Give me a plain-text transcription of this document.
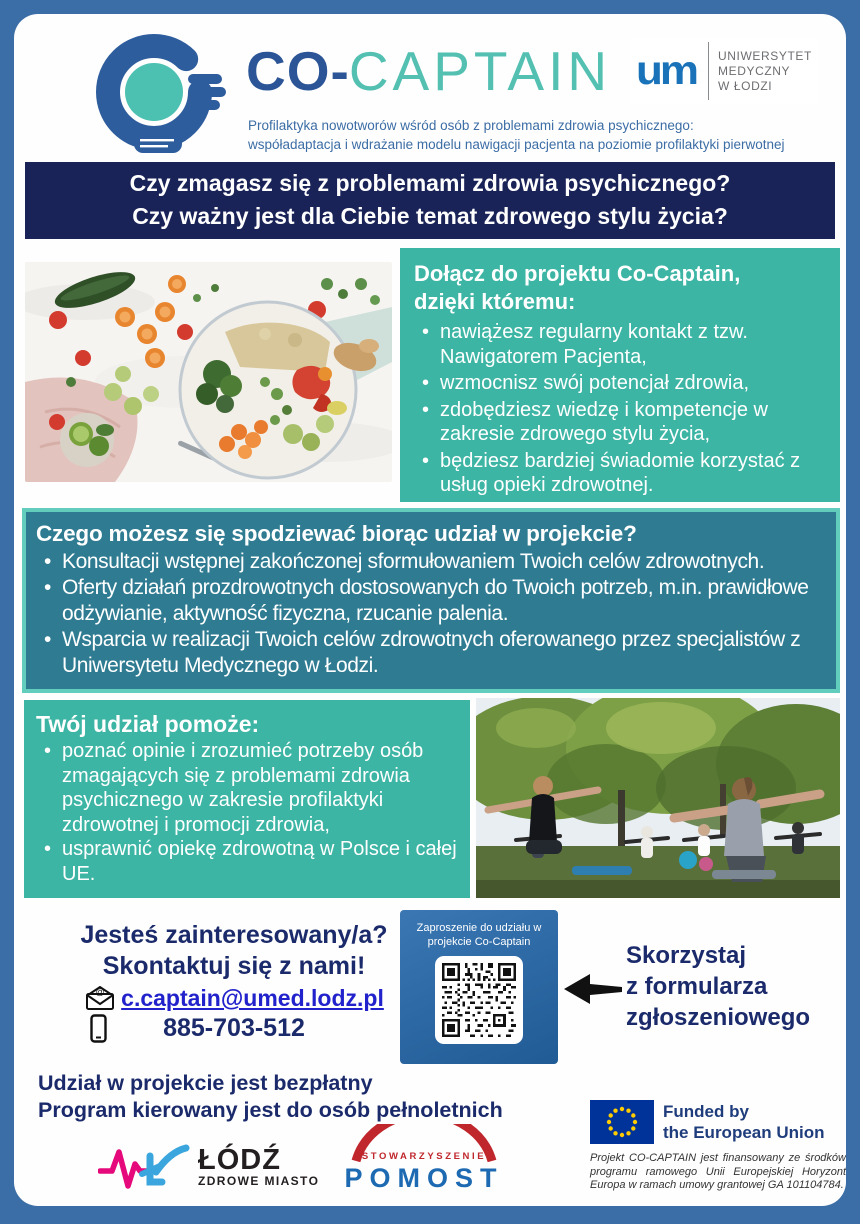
CO-CAPTAIN
Profilaktyka nowotworów wśród osób z problemami zdrowia psychicznego:
współadaptacja i wdrażanie modelu nawigacji pacjenta na poziomie profilaktyki pierwotnej
um UNIWERSYTET
MEDYCZNY
W ŁODZI
Czy zmagasz się z problemami zdrowia psychicznego?
Czy ważny jest dla Ciebie temat zdrowego stylu życia?
Dołącz do projektu Co-Captain, dzięki któremu:
• nawiążesz regularny kontakt z tzw. Nawigatorem Pacjenta,
• wzmocnisz swój potencjał zdrowia,
• zdobędziesz wiedzę i kompetencje w zakresie zdrowego stylu życia,
• będziesz bardziej świadomie korzystać z usług opieki zdrowotnej.
Czego możesz się spodziewać biorąc udział w projekcie?
• Konsultacji wstępnej zakończonej sformułowaniem Twoich celów zdrowotnych.
• Oferty działań prozdrowotnych dostosowanych do Twoich potrzeb, m.in. prawidłowe odżywianie, aktywność fizyczna, rzucanie palenia.
• Wsparcia w realizacji Twoich celów zdrowotnych oferowanego przez specjalistów z Uniwersytetu Medycznego w Łodzi.
Twój udział pomoże:
• poznać opinie i zrozumieć potrzeby osób zmagających się z problemami zdrowia psychicznego w zakresie profilaktyki zdrowotnej i promocji zdrowia,
• usprawnić opiekę zdrowotną w Polsce i całej UE.
Jesteś zainteresowany/a?
Skontaktuj się z nami!
@ c.captain@umed.lodz.pl
885-703-512
Zaproszenie do udziału w projekcie Co-Captain	Skorzystaj
z formularza
zgłoszeniowego
Udział w projekcie jest bezpłatny
Program kierowany jest do osób pełnoletnich
ŁÓDŹ
ZDROWE MIASTO
STOWARZYSZENIE
POMOST
Funded by
the European Union
Projekt CO-CAPTAIN jest finansowany ze środków programu ramowego Unii Europejskiej Horyzont Europa w ramach umowy grantowej GA 101104784.
